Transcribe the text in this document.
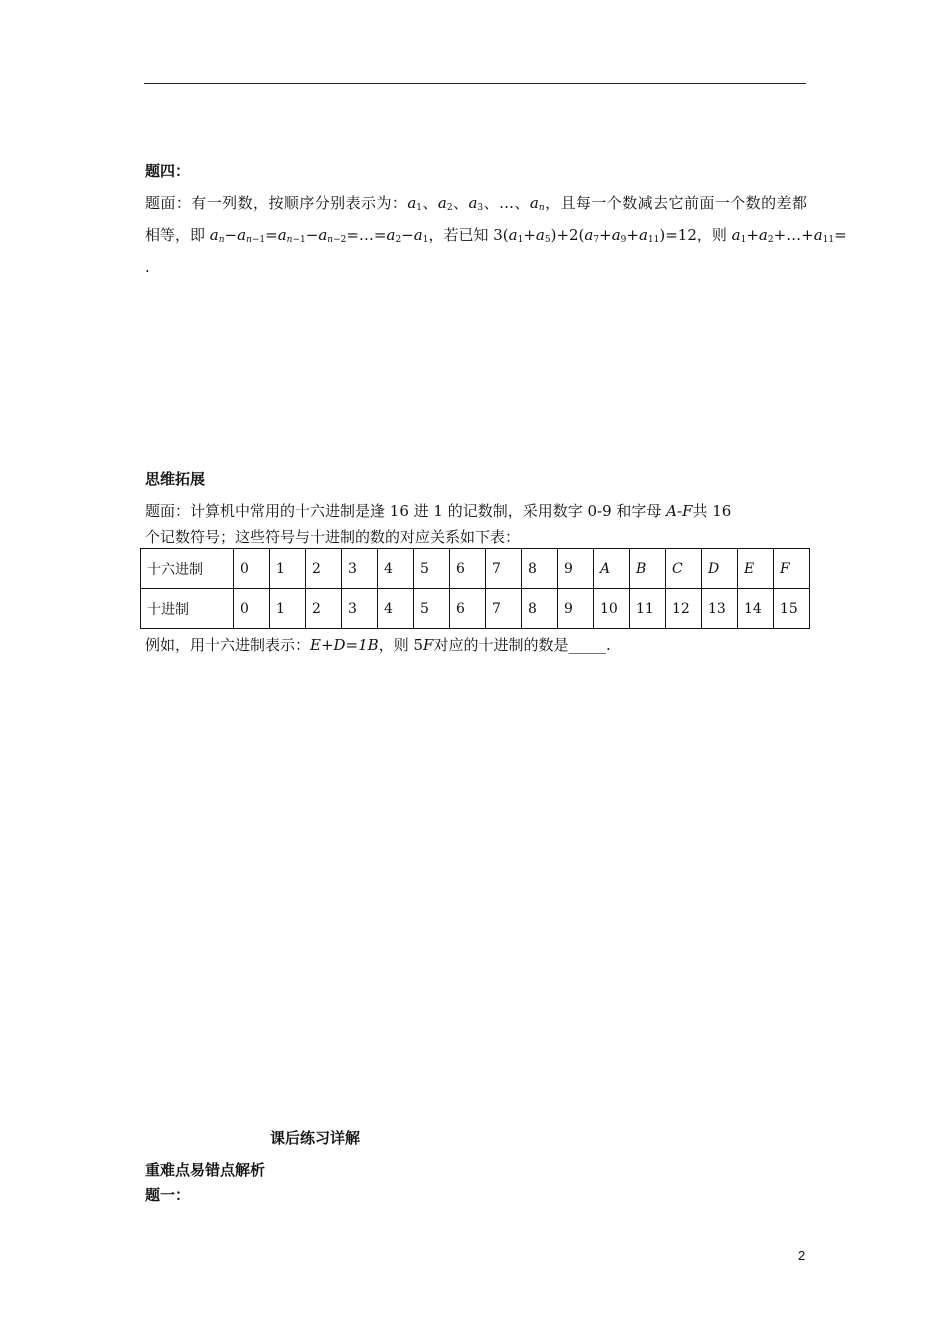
题四：
题面：有一列数，按顺序分别表示为：$a_1$、$a_2$、$a_3$、…、$a_n$，且每一个数减去它前面一个数的差都
相等，即 $a_n-a_{n-1}=a_{n-1}-a_{n-2}=\dots=a_2-a_1$，若已知 $3(a_1+a_5)+2(a_7+a_9+a_{11})=12$，则 $a_1+a_2+\dots+a_{11}=$
.
思维拓展
题面：计算机中常用的十六进制是逢 16 进 1 的记数制，采用数字 0-9 和字母 A-F共 16
个记数符号；这些符号与十进制的数的对应关系如下表：
十六进制	0	1	2	3	4	5	6	7	8	9	A	B	C	D	E	F
十进制	0	1	2	3	4	5	6	7	8	9	10	11	12	13	14	15
例如，用十六进制表示：E+D=1B，则 5F对应的十进制的数是_____.
课后练习详解
重难点易错点解析
题一：
2
